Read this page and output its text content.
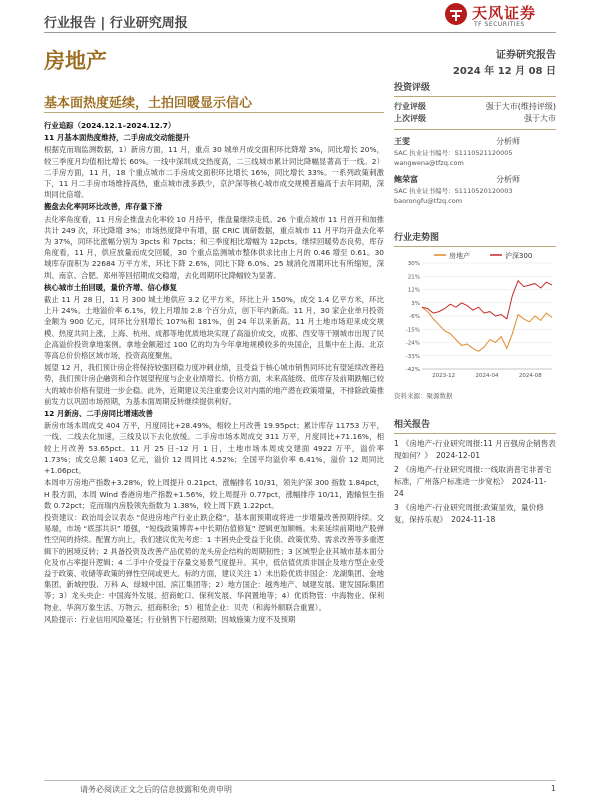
行业报告 | 行业研究周报
天风证券
TF SECURITIES
房地产	证券研究报告
2024 年 12 月 08 日
基本面热度延续，土拍回暖显示信心

行业追踪（2024.12.1–2024.12.7）

11 月基本面热度维持，二手房成交动能提升

根据克而瑞监测数据，1）新房方面，11 月，重点 30 城单月成交面积环比降增 3%，同比增长 20%，较三季度月均值相比增长 60%。一线中深圳成交热度高，二三线城市累计同比降幅显著高于一线。2）二手房方面，11 月，18 个重点城市二手房成交面积环比增长 16%，同比增长 33%。一系列政策刺激下，11 月二手房市场维持高热，重点城市涨多跌少，京沪深等核心城市成交规模普遍高于去年同期，深圳同比倍增。

搬盘去化率同环比改善，库存量下滑

去化率角度看，11 月房企推盘去化率较 10 月持平，推盘量继续走低。26 个重点城市 11 月首开和加推共计 249 次，环比降增 3%；市场热度降中有增，据 CRIC 调研数据，重点城市 11 月平均开盘去化率为 37%，同环比涨幅分别为 3pcts 和 7pcts；和三季度相比增幅为 12pcts。继续回暖势态良势，库存角度看，11 月，供应放量而成交回暖，30 个重点监测城市整体供求比由上月的 0.46 增至 0.61。30 城库存面积为 22684 万平方米，环比下降 2.6%，同比下降 6.0%。25 城消化周期环比有所缩短，深圳、南京、合肥、郑州等回招期成交稳增，去化周期环比降幅较为显著。

核心城市土拍回暖，量价齐增、信心修复

截止 11 月 28 日，11 月 300 城土地供应 3.2 亿平方米，环比上升 150%，成交 1.4 亿平方米，环比上升 24%。土地溢价率 6.1%，较上月增加 2.8 个百分点，创下年内新高。11 月，30 家企业单月投资金额为 900 亿元，同环比分别增长 107%和 181%，创 24 年以来新高。11 月土地市场迎来成交规模、热度共同上涨，上海、杭州、成都等地优质地块实现了高溢价成交，成都、西安等干刚城市出现了民企高溢价投资拿地案例。拿地金额超过 100 亿的均为今年拿地规模较多的央国企，且集中在上海、北京等高总价价格区域市场，投资高度聚焦。

展望 12 月，我们预计房企将保持较强回稳力度冲刺业绩，且受益于核心城市销售同环比有望延续改善趋势，我们预计房企融资和合作展望程度与企业业绩增长。价格方面，未来高能级、低库存及前期跌幅已较大的城市价格有望进一步企稳。此外，近期建议关注重要会议对内需的地产潜在政策增量，不排除政策推前发力以巩固市场预期，为基本面周期反转继续提供利好。

12 月新房、二手房同比增速改善

新房市场本周成交 404 万平，月度同比+28.49%，相较上月改善 19.95pct；累计库存 11753 万平，一线、二线去化加速，三线及以下去化放缓。二手房市场本周成交 311 万平，月度同比+71.16%，相较上月改善 53.65pct。11 月 25 日–12 月 1 日，土地市场本周成交建面 4922 万平，溢价率 1.73%；成交总额 1403 亿元，溢价 12 周同比 4.52%；全国平均溢价率 6.41%，溢价 12 周同比+1.06pct。

本周申万房地产指数+3.28%，较上周提升 0.21pct，涨幅排名 10/31，领先沪深 300 指数 1.84pct，H 股方面，本周 Wind 香港房地产指数+1.56%，较上周提升 0.77pct，涨幅排序 10/11，跑输恒生指数 0.72pct；克而瑞内房股领先指数为 1.38%，较上周下跌 1.22pct。

投资建议：政治局会议表态 “促进房地产行业止跌企稳”，基本面预期或将进一步增量改善预期持续。交易端，市场 “底部共识” 增强，“短线政策博弈+中长期估值修复” 逻辑更加顺畅。未来延续前期地产股弹性空间的持续。配置方向上，我们建议优先考虑：1 丰困央企受益于化债、政策优势、需求改善等多重逻辑下的困境反转；2 具备投资及改善产品优势的龙头房企结构的周期韧性；3 区域型企业其城市基本面分化及市占率提升逻辑；4 二手中介受益于存量交易景气度提升。其中，低估值优质非国企及地方型企业受益于政策、收储等政策的弹性空间或更大。标的方面，建议关注 1）未出险优质非国企：龙湖集团、金地集团、新城控股、万科 A、绿城中国、滨江集团等；2）地方国企：越秀地产、城建发展、建发国际集团等；3）龙头央企：中国海外发展、招商蛇口、保利发展、华润置地等；4）优质物管：中海物业、保利物业、华润万象生活、万物云、招商积余；5）租赁企业：贝壳（和海外顺联合重置）。

风险提示：行业信用风险蔓延；行业销售下行超预期；因城施策力度不及预期

投资评级
行业评级	强于大市(维持评级)
上次评级	强于大市
王雯	分析师
SAC 执业证书编号：S1110521120005
wangwena@tfzq.com
鲍荣富	分析师
SAC 执业证书编号：S1110520120003
baorongfu@tfzq.com
行业走势图
房地产	沪深300
30%
21%
12%
3%
-6%
-15%
-24%
-33%
-42%
2023-12	2024-04	2024-08
资料来源：聚源数据
相关报告
1 《房地产-行业研究周报:11 月百强房企销售表现如何？》 2024-12-01
2 《房地产-行业研究周报:一线取消普宅非普宅标准，广州落户标准进一步宽松》 2024-11-24
3 《房地产-行业研究周报:政策显效，量价修复，保持乐观》 2024-11-18
请务必阅读正文之后的信息披露和免责申明	1
